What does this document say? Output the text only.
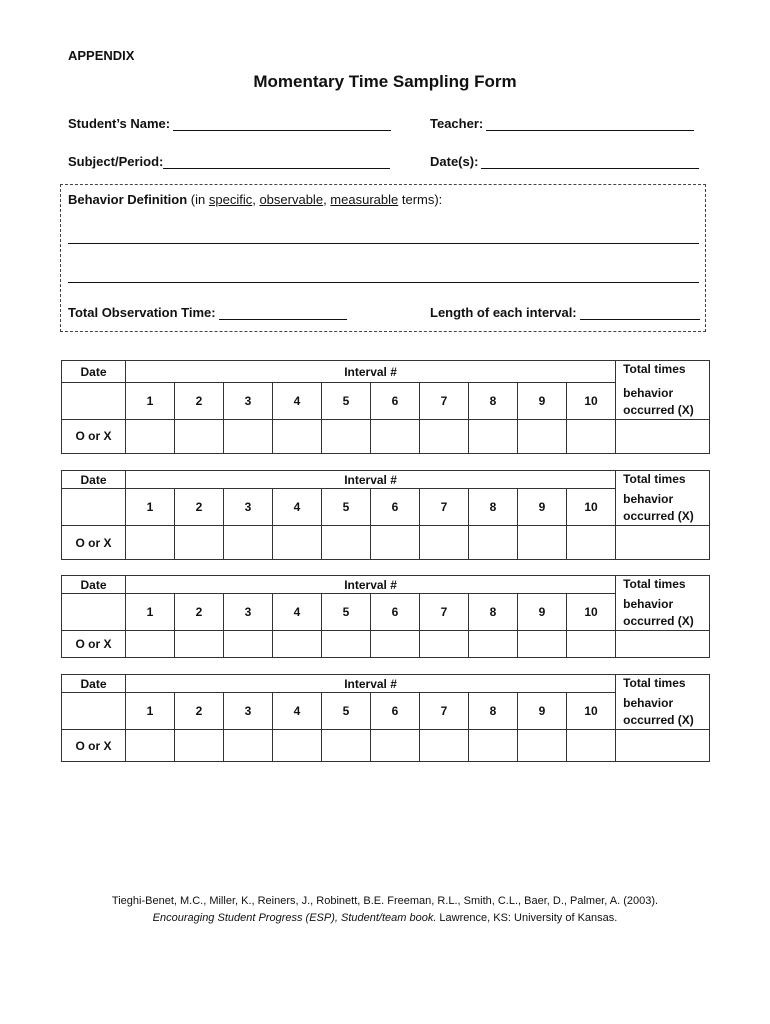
APPENDIX
Momentary Time Sampling Form
Student’s Name:	Teacher:
Subject/Period:	Date(s):
Behavior Definition (in specific, observable, measurable terms):
Total Observation Time:	Length of each interval:
Date	Interval #										Total times
	1	2	3	4	5	6	7	8	9	10	behavior
occurred (X)
O or X											
Date	Interval #										Total times
	1	2	3	4	5	6	7	8	9	10	behavior
occurred (X)
O or X											
Date	Interval #										Total times
	1	2	3	4	5	6	7	8	9	10	behavior
occurred (X)
O or X											
Date	Interval #										Total times
	1	2	3	4	5	6	7	8	9	10	behavior
occurred (X)
O or X											
Tieghi-Benet, M.C., Miller, K., Reiners, J., Robinett, B.E. Freeman, R.L., Smith, C.L., Baer, D., Palmer, A. (2003).
Encouraging Student Progress (ESP), Student/team book. Lawrence, KS: University of Kansas.
